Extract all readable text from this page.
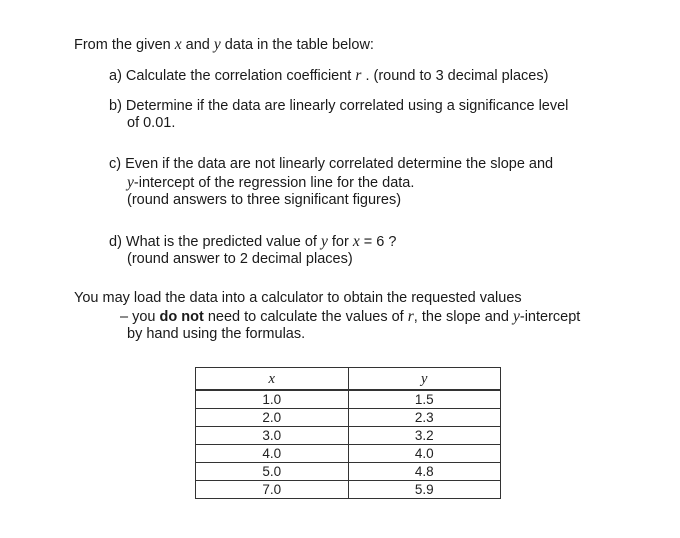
From the given x and y data in the table below:
a) Calculate the correlation coefficient r . (round to 3 decimal places)
b) Determine if the data are linearly correlated using a significance level
of 0.01.
c) Even if the data are not linearly correlated determine the slope and
y-intercept of the regression line for the data.
(round answers to three significant figures)
d) What is the predicted value of y for x = 6 ?
(round answer to 2 decimal places)
You may load the data into a calculator to obtain the requested values
– you do not need to calculate the values of r, the slope and y-intercept
by hand using the formulas.
x	y
1.0	1.5
2.0	2.3
3.0	3.2
4.0	4.0
5.0	4.8
7.0	5.9
